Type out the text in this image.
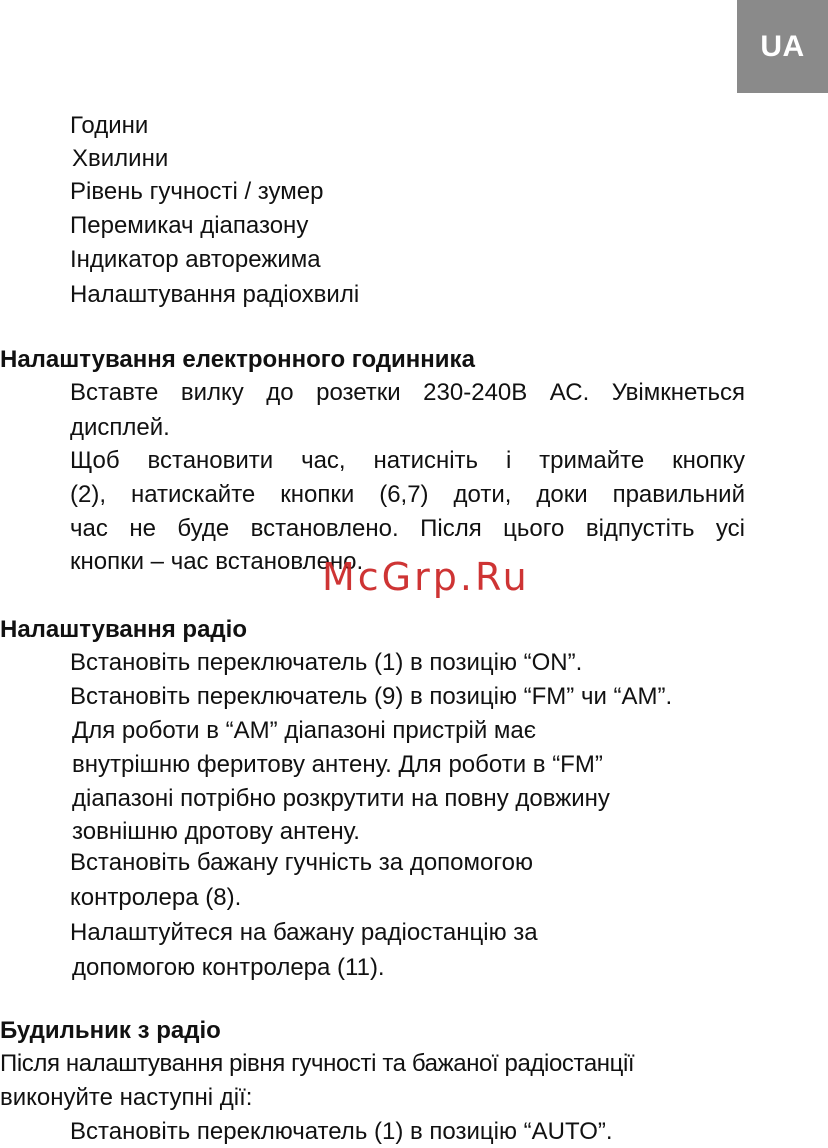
UA
Години
Хвилини
Рівень гучності / зумер
Перемикач діапазону
Індикатор авторежима
Налаштування радіохвилі
Налаштування електронного годинника
Вставте вилку до розетки 230-240В АС. Увімкнеться
дисплей.
Щоб встановити час, натисніть і тримайте кнопку
(2), натискайте кнопки (6,7) доти, доки правильний
час не буде встановлено. Після цього відпустіть усі
кнопки – час встановлено.
McGrp.Ru
Налаштування радіо
Встановіть переключатель (1) в позицію “ON”.
Встановіть переключатель (9) в позицію “FM” чи “AM”.
Для роботи в “AM” діапазоні пристрій має
внутрішню феритову антену. Для роботи в “FM”
діапазоні потрібно розкрутити на повну довжину
зовнішню дротову антену.
Встановіть бажану гучність за допомогою
контролера (8).
Налаштуйтеся на бажану радіостанцію за
допомогою контролера (11).
Будильник з радіо
Після налаштування рівня гучності та бажаної радіостанції
виконуйте наступні дії:
Встановіть переключатель (1) в позицію “AUTO”.
